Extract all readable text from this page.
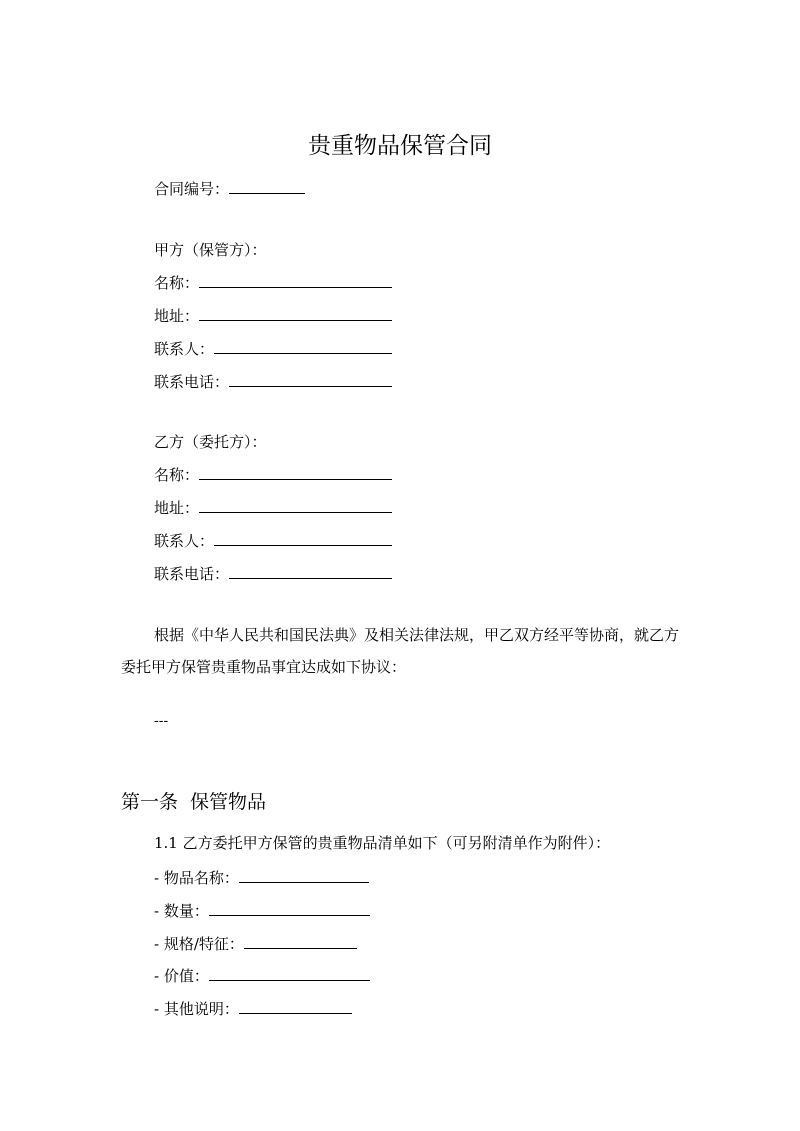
贵重物品保管合同
合同编号：
甲方（保管方）：
名称：
地址：
联系人：
联系电话：
乙方（委托方）：
名称：
地址：
联系人：
联系电话：

根据《中华人民共和国民法典》及相关法律法规，甲乙双方经平等协商，就乙方委托甲方保管贵重物品事宜达成如下协议：

---
第一条 保管物品
1.1 乙方委托甲方保管的贵重物品清单如下（可另附清单作为附件）：
- 物品名称：
- 数量：
- 规格/特征：
- 价值：
- 其他说明：
